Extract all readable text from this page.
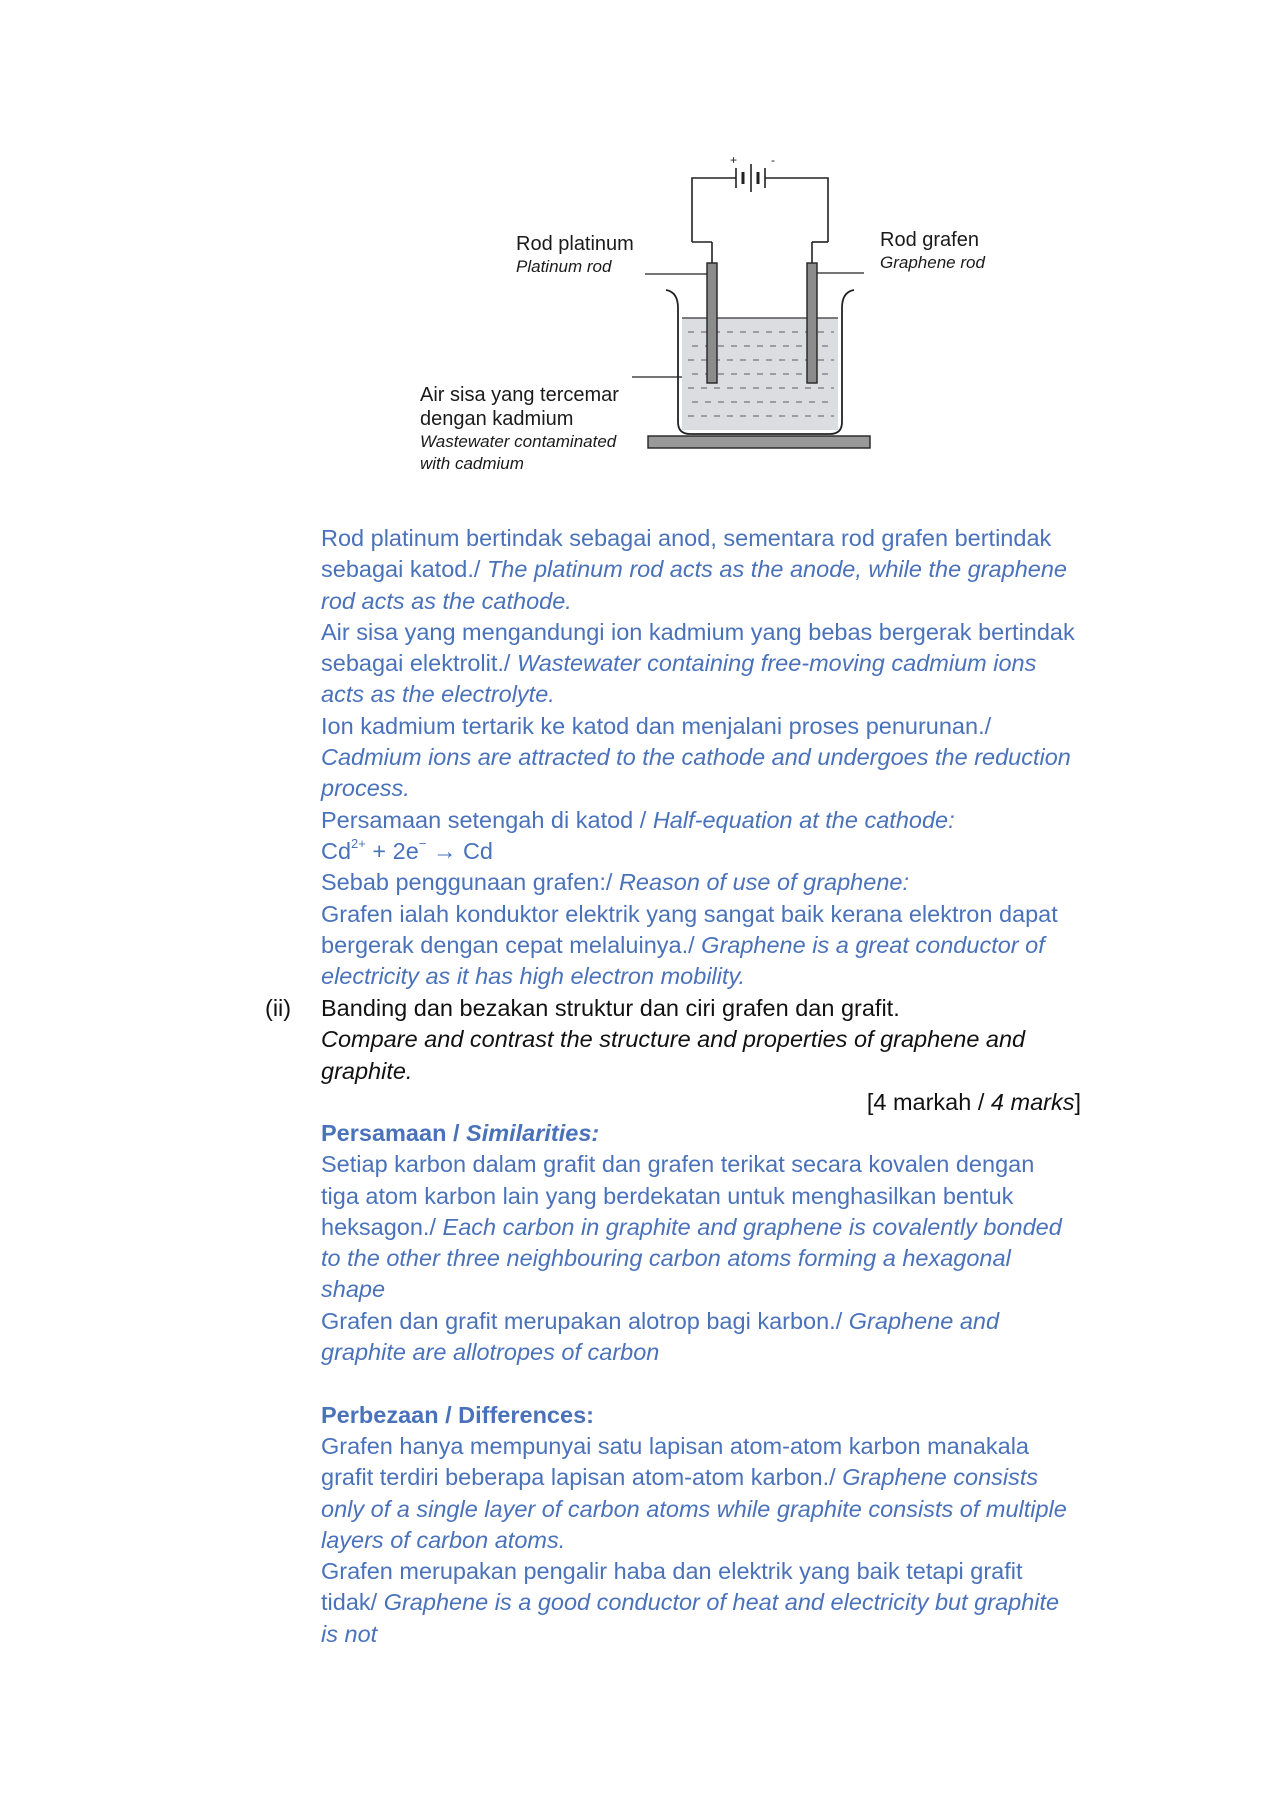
+	-
Rod platinum
Platinum rod
Rod grafen
Graphene rod
Air sisa yang tercemar
dengan kadmium
Wastewater contaminated
with cadmium

Rod platinum bertindak sebagai anod, sementara rod grafen bertindak

sebagai katod./ The platinum rod acts as the anode, while the graphene

rod acts as the cathode.

Air sisa yang mengandungi ion kadmium yang bebas bergerak bertindak

sebagai elektrolit./ Wastewater containing free-moving cadmium ions

acts as the electrolyte.

Ion kadmium tertarik ke katod dan menjalani proses penurunan./

Cadmium ions are attracted to the cathode and undergoes the reduction

process.

Persamaan setengah di katod / Half-equation at the cathode:

$Cd^{2+} + 2e^- \to Cd$

Sebab penggunaan grafen:/ Reason of use of graphene:

Grafen ialah konduktor elektrik yang sangat baik kerana elektron dapat

bergerak dengan cepat melaluinya./ Graphene is a great conductor of

electricity as it has high electron mobility.

(ii) Banding dan bezakan struktur dan ciri grafen dan grafit.

Compare and contrast the structure and properties of graphene and

graphite.

[4 markah / 4 marks]

Persamaan / Similarities:

Setiap karbon dalam grafit dan grafen terikat secara kovalen dengan

tiga atom karbon lain yang berdekatan untuk menghasilkan bentuk

heksagon./ Each carbon in graphite and graphene is covalently bonded

to the other three neighbouring carbon atoms forming a hexagonal

shape

Grafen dan grafit merupakan alotrop bagi karbon./ Graphene and

graphite are allotropes of carbon

Perbezaan / Differences:

Grafen hanya mempunyai satu lapisan atom-atom karbon manakala

grafit terdiri beberapa lapisan atom-atom karbon./ Graphene consists

only of a single layer of carbon atoms while graphite consists of multiple

layers of carbon atoms.

Grafen merupakan pengalir haba dan elektrik yang baik tetapi grafit

tidak/ Graphene is a good conductor of heat and electricity but graphite

is not
